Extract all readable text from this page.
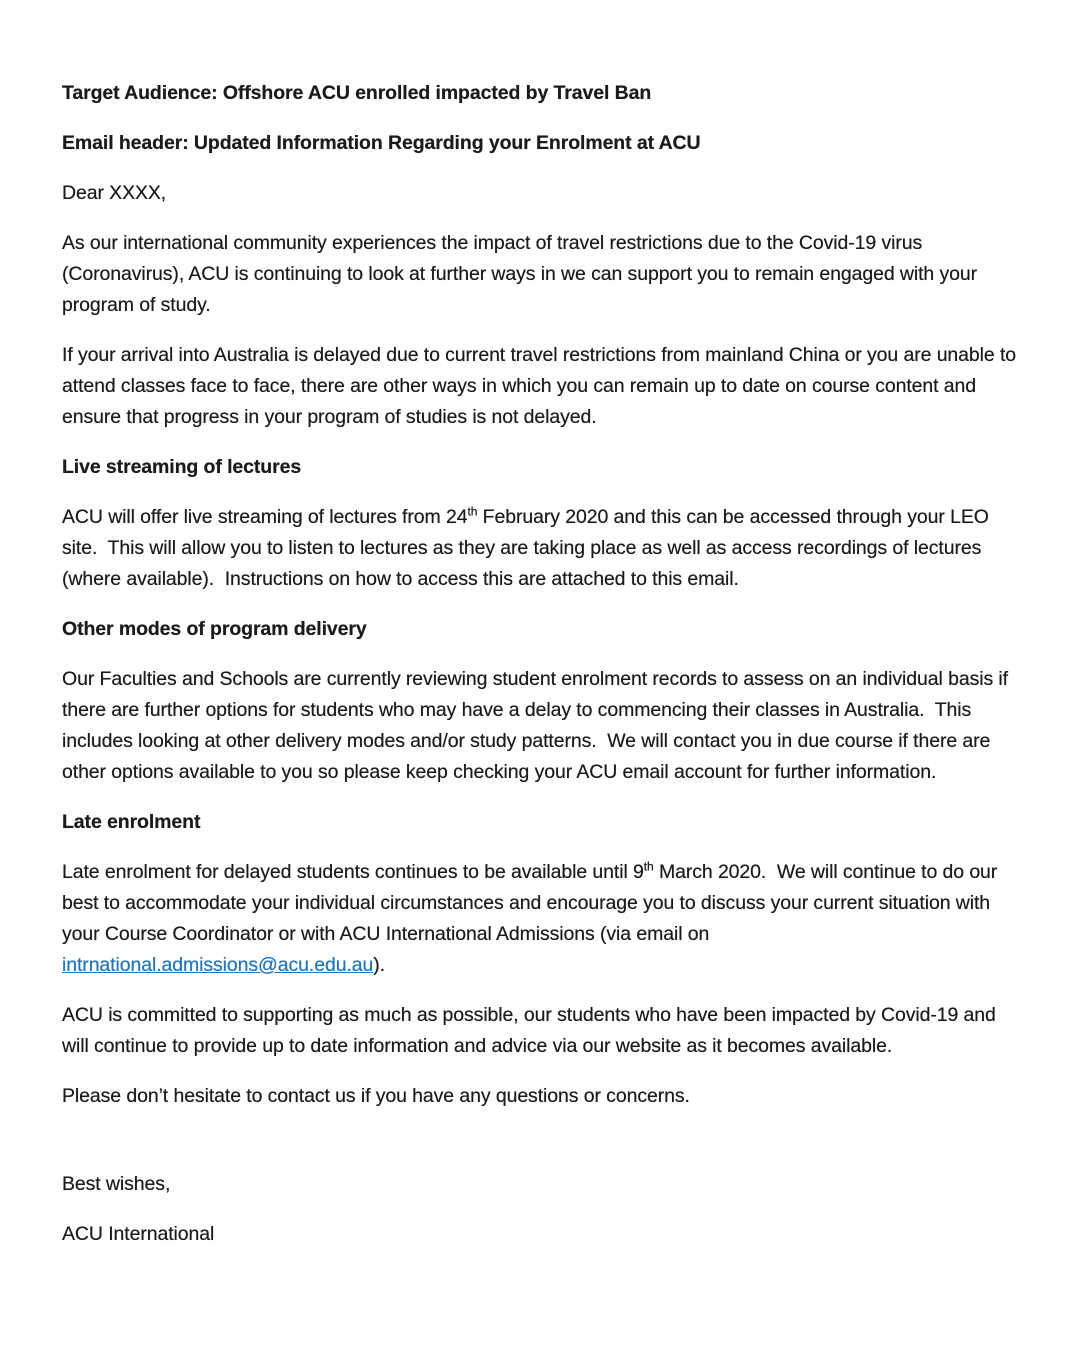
Target Audience: Offshore ACU enrolled impacted by Travel Ban

Email header: Updated Information Regarding your Enrolment at ACU

Dear XXXX,

As our international community experiences the impact of travel restrictions due to the Covid-19 virus (Coronavirus), ACU is continuing to look at further ways in we can support you to remain engaged with your program of study.

If your arrival into Australia is delayed due to current travel restrictions from mainland China or you are unable to attend classes face to face, there are other ways in which you can remain up to date on course content and ensure that progress in your program of studies is not delayed.

Live streaming of lectures

ACU will offer live streaming of lectures from 24th February 2020 and this can be accessed through your LEO site.  This will allow you to listen to lectures as they are taking place as well as access recordings of lectures (where available).  Instructions on how to access this are attached to this email.

Other modes of program delivery

Our Faculties and Schools are currently reviewing student enrolment records to assess on an individual basis if there are further options for students who may have a delay to commencing their classes in Australia.  This includes looking at other delivery modes and/or study patterns.  We will contact you in due course if there are other options available to you so please keep checking your ACU email account for further information.

Late enrolment

Late enrolment for delayed students continues to be available until 9th March 2020.  We will continue to do our best to accommodate your individual circumstances and encourage you to discuss your current situation with your Course Coordinator or with ACU International Admissions (via email on intrnational.admissions@acu.edu.au).

ACU is committed to supporting as much as possible, our students who have been impacted by Covid-19 and will continue to provide up to date information and advice via our website as it becomes available.

Please don’t hesitate to contact us if you have any questions or concerns.

Best wishes,

ACU International
